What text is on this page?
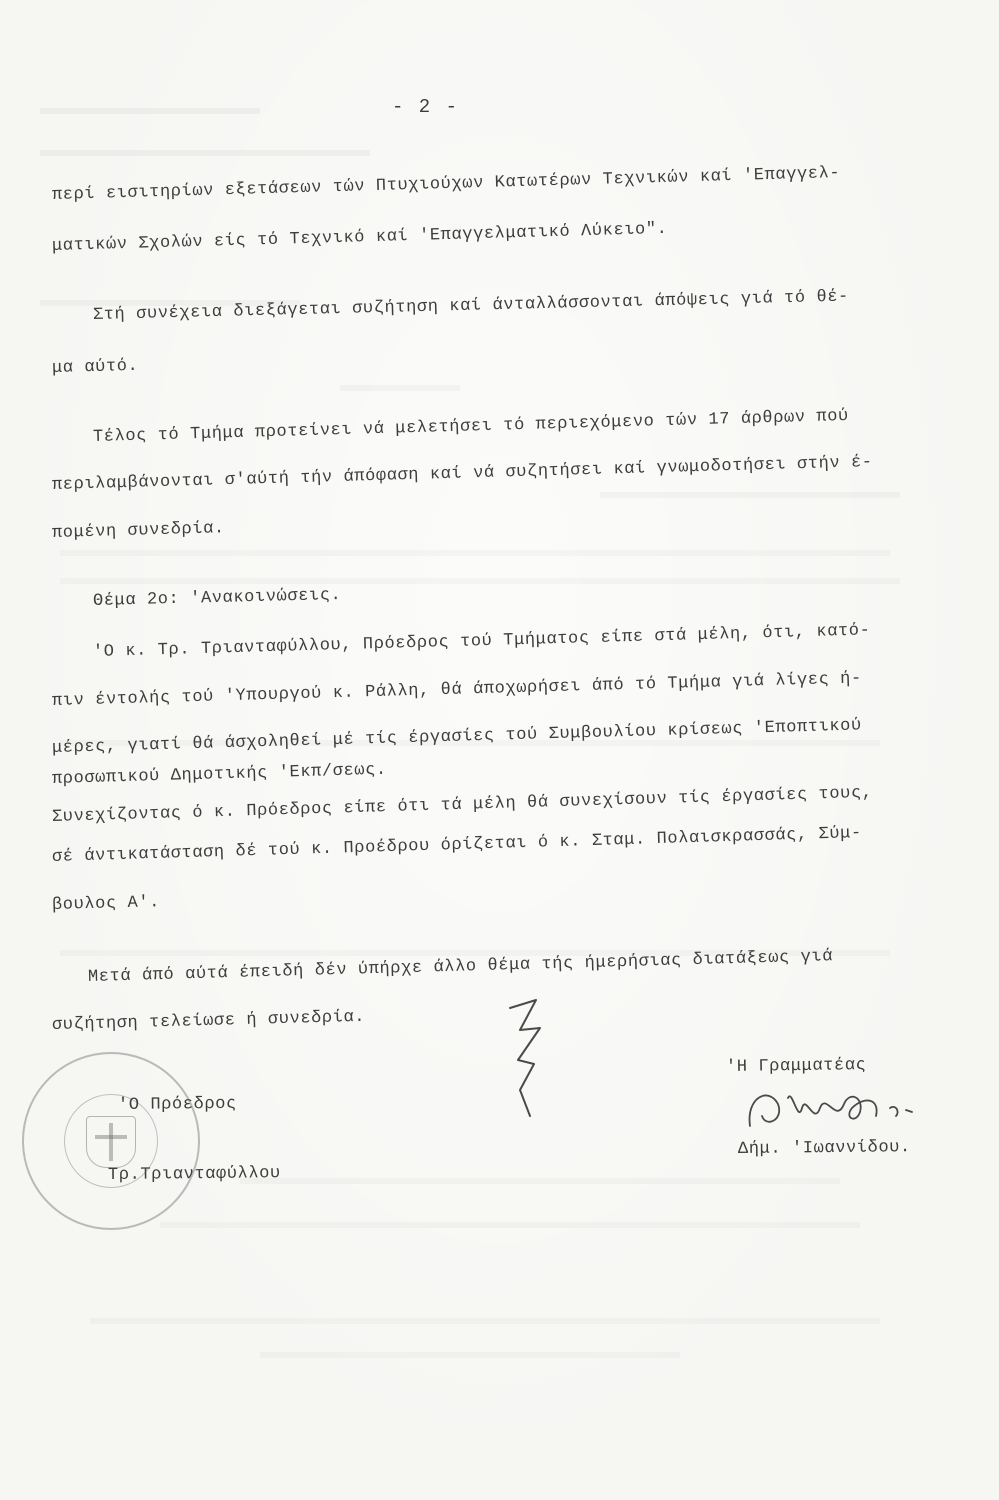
- 2 -
περί εισιτηρίων εξετάσεων τών Πτυχιούχων Κατωτέρων Τεχνικών καί 'Επαγγελ-
ματικών Σχολών είς τό Τεχνικό καί 'Επαγγελματικό Λύκειο".
Στή συνέχεια διεξάγεται συζήτηση καί άνταλλάσσονται άπόψεις γιά τό θέ-
μα αύτό.
Τέλος τό Τμήμα προτείνει νά μελετήσει τό περιεχόμενο τών 17 άρθρων πού
περιλαμβάνονται σ'αύτή τήν άπόφαση καί νά συζητήσει καί γνωμοδοτήσει στήν έ-
πομένη συνεδρία.
Θέμα 2ο: 'Ανακοινώσεις.
'Ο κ. Τρ. Τριανταφύλλου, Πρόεδρος τού Τμήματος είπε στά μέλη, ότι, κατό-
πιν έντολής τού 'Υπουργού κ. Ράλλη, θά άποχωρήσει άπό τό Τμήμα γιά λίγες ή-
μέρες, γιατί θά άσχοληθεί μέ τίς έργασίες τού Συμβουλίου κρίσεως 'Εποπτικού
προσωπικού Δημοτικής 'Εκπ/σεως.
Συνεχίζοντας ό κ. Πρόεδρος είπε ότι τά μέλη θά συνεχίσουν τίς έργασίες τους,
σέ άντικατάσταση δέ τού κ. Προέδρου όρίζεται ό κ. Σταμ. Πολαισκρασσάς, Σύμ-
βουλος Α'.
Μετά άπό αύτά έπειδή δέν ύπήρχε άλλο θέμα τής ήμερήσιας διατάξεως γιά
συζήτηση τελείωσε ή συνεδρία.
'Η Γραμματέας
Δήμ. 'Ιωαννίδου.
'Ο Πρόεδρος
Τρ.Τριανταφύλλου
